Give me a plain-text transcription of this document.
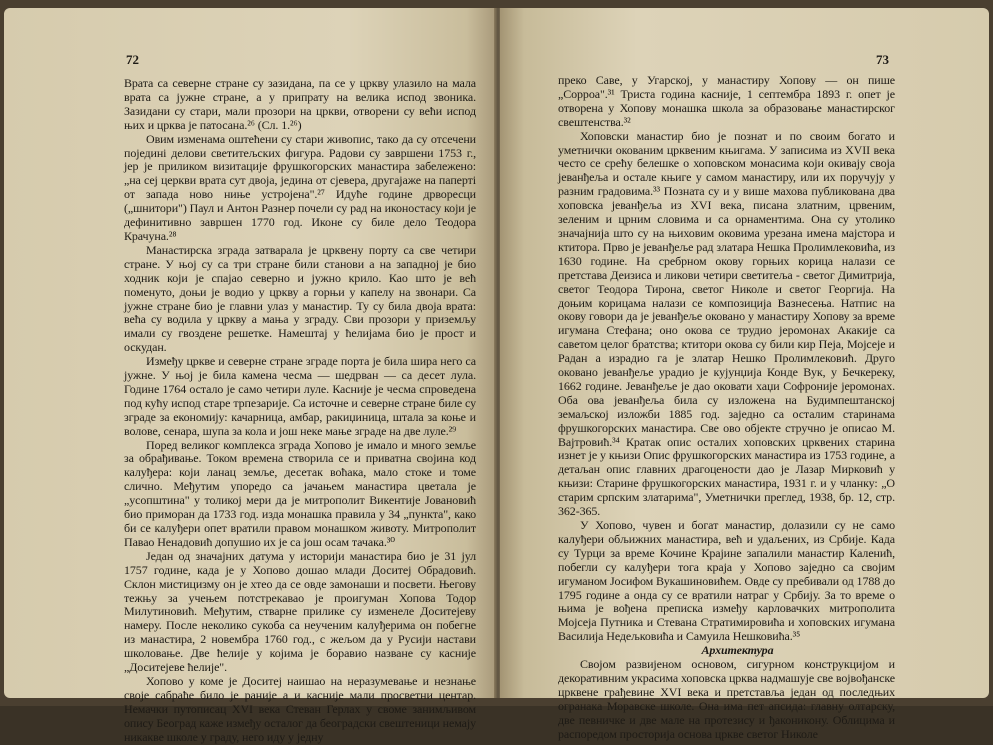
72

Врата са северне стране су зазидана, па се у цркву улазило на мала врата са јужне стране, а у припрату на велика испод звоника. Зазидани су стари, мали прозори на цркви, отворени су већи испод њих и црква је патосана.²⁶ (Сл. 1.²⁶)

Овим изменама оштећени су стари живопис, тако да су отсечени појединi делови светитељских фигура. Радови су завршени 1753 г., јер је приликом визитације фрушкогорских манастира забележено: „на сеј церкви врата сут двоја, једина от сјевера, другајаже на папертi от запада ново ниње устројена".²⁷ Идуће године дрворесци („шнитори") Паул и Антон Разнер почели су рад на иконостасу који је дефинитивно завршен 1770 год. Иконе су биле дело Теодора Крачуна.²⁸

Манастирска зграда затварала је црквену порту са све четири стране. У њој су са три стране били станови а на западној је био ходник који је спајао северно и јужно крило. Као што је већ поменуто, доњи је водио у цркву а горњи у капелу на звонари. Са јужне стране био је главни улаз у манастир. Ту су била двоја врата: већа су водила у цркву а мања у зграду. Сви прозори у приземљу имали су гвоздене решетке. Намештај у ћелијама био је прост и оскудан.

Између цркве и северне стране зграде порта је била шира него са јужне. У њој је била камена чесма — шедрван — са десет лула. Године 1764 остало је само четири луле. Касније је чесма спроведена под кућу испод старе трпезарије. Са источне и северне стране биле су зграде за економију: качарница, амбар, ракиџиница, штала за коње и волове, сенара, шупа за кола и још неке мање зграде на две луле.²⁹

Поред великог комплекса зграда Хопово је имало и много земље за обрађивање. Током времена створила се и приватна својина код калуђера: који ланац земље, десетак воћака, мало стоке и томе слично. Међутим упоредо са јачањем манастира цветала је „усопштина" у толикој мери да је митрополит Викентије Јовановић био приморан да 1733 год. изда монашка правила у 34 „пункта", како би се калуђери опет вратили правом монашком животу. Митрополит Павао Ненадовић допушио их је са још осам тачака.³⁰

Један од значајних датума у историји манастира био је 31 јул 1757 године, када је у Хопово дошао млади Доситеј Обрадовић. Склон мистицизму он је хтео да се овде замонаши и посвети. Његову тежњу за учењем потстрекаваo је проигуман Хопова Тодор Милутиновић. Међутим, стварне прилике су изменеле Доситејеву намеру. После неколико сукоба са неученим калуђерима он побегне из манастира, 2 новембра 1760 год., с жељом да у Русији настави школовање. Две ћелије у којима је боравио назване су касније „Доситејеве ћелије".

Хопово у коме је Доситеј наишао на неразумевање и незнање своје сабраће било је раније а и касније мали просветни центар. Немачки путописац XVI века Стеван Герлах у своме занимљивом опису Београд каже између осталог да београдски свештеници немају никакве школе у граду, него иду у једну

73

преко Саве, у Угарској, у манастиру Хопову — он пише „Сорроа".³¹ Триста година касније, 1 септембра 1893 г. опет је отворена у Хопову монашка школа за образовање манастирског свештенства.³²

Хоповски манастир био је познат и по своим богато и уметнички окованим црквеним књигама. У записима из XVII века честo се срећу белешке о хоповском монасима који окивају своја јеванђеља и остале књиге у самом манастиру, или их поручују у разним градовима.³³ Познатa су и у више махова публикована два хоповска јеванђеља из XVI века, писана златним, црвеним, зеленим и црним словима и са орнаментима. Она су утолико значајнија што су на њиховим оковима урезана имена мајстора и ктитора. Прво је јеванђеље рад златара Нешка Пролимлековића, из 1630 године. На сребрном окову горњих корица налази се претстава Деизиса и ликови четири светитеља - светог Димитрија, светог Теодора Тирона, светог Николе и светог Георгија. На доњим корицама налази се композиција Вазнесења. Натпис на окову говори да је јеванђеље оковано у манастиру Хопову за време игумана Стефана; оно окова се трудио јеромонах Акакије са саветом целог братства; ктитори окова су били кир Пеја, Мојсеје и Радан а израдио га је златар Нешко Пролимлековић. Друго оковано јеванђеље урадио је кујунџија Конде Вук, у Бечкереку, 1662 године. Јеванђеље је дао оковати хаџи Софроније јеромонах. Оба ова јеванђеља била су изложена на Будимпештанској земаљској изложби 1885 год. заједно са осталим старинама фрушкогорских манастира. Све ово објекте стручно је описао М. Вајтровић.³⁴ Кратак опис осталих хоповских црквених старина изнет је у књизи Опис фрушкогорских манастира из 1753 године, а детаљан опис главних драгоцености дао је Лазар Мирковић у књизи: Старине фрушкогорских манастира, 1931 г. и у чланку: „О старим српским златарима", Уметнички преглед, 1938, бр. 12, стр. 362-365.

У Хопово, чувен и богат манастир, долазили су не само калуђери обљижних манастира, већ и удаљених, из Србије. Када су Турци за време Кочине Крајине запалили манастир Каленић, побегли су калуђери тога краја у Хопово заједно са својим игуманом Јосифом Вукашиновићем. Овде су пребивали од 1788 до 1795 године а онда су се вратили натраг у Србију. За то време о њима је вођена преписка између карловачких митрополита Мојсеја Путника и Стевана Стратимировића и хоповских игумана Василија Недељковића и Самуила Нешковића.³⁵

Архитектура

Својом развијеном основом, сигурном конструкцијом и декоративним украсима хоповска црква надмашује све војвођанске црквене грађевине XVI века и претставља један од последњих огранака Моравске школе. Она има пет апсида: главну олтарску, две певничке и две мале на протезису и ђаконикону. Облицима и распоредом просторија основа цркве светог Николе
